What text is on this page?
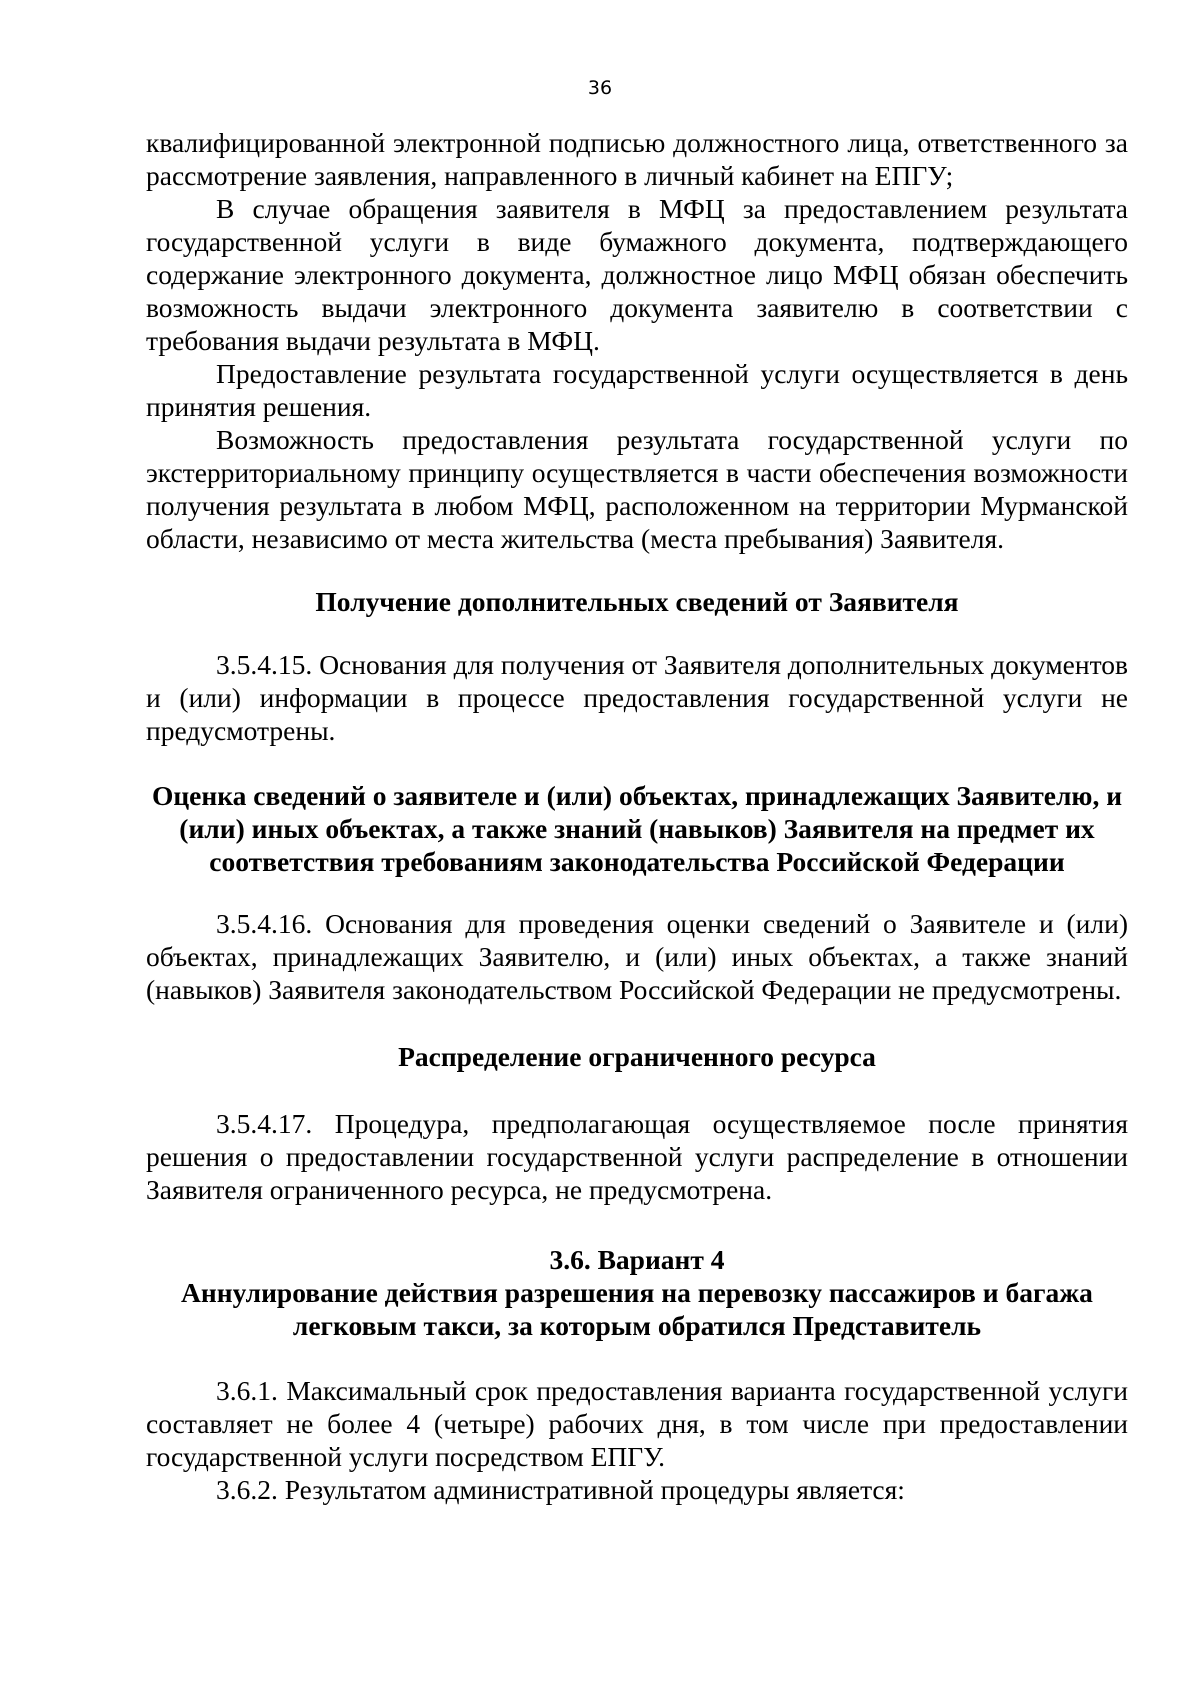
36

квалифицированной электронной подписью должностного лица, ответственного за рассмотрение заявления, направленного в личный кабинет на ЕПГУ;

В случае обращения заявителя в МФЦ за предоставлением результата государственной услуги в виде бумажного документа, подтверждающего содержание электронного документа, должностное лицо МФЦ обязан обеспечить возможность выдачи электронного документа заявителю в соответствии с требования выдачи результата в МФЦ.

Предоставление результата государственной услуги осуществляется в день принятия решения.

Возможность предоставления результата государственной услуги по экстерриториальному принципу осуществляется в части обеспечения возможности получения результата в любом МФЦ, расположенном на территории Мурманской области, независимо от места жительства (места пребывания) Заявителя.

Получение дополнительных сведений от Заявителя

3.5.4.15. Основания для получения от Заявителя дополнительных документов и (или) информации в процессе предоставления государственной услуги не предусмотрены.

Оценка сведений о заявителе и (или) объектах, принадлежащих Заявителю, и (или) иных объектах, а также знаний (навыков) Заявителя на предмет их соответствия требованиям законодательства Российской Федерации

3.5.4.16. Основания для проведения оценки сведений о Заявителе и (или) объектах, принадлежащих Заявителю, и (или) иных объектах, а также знаний (навыков) Заявителя законодательством Российской Федерации не предусмотрены.

Распределение ограниченного ресурса

3.5.4.17. Процедура, предполагающая осуществляемое после принятия решения о предоставлении государственной услуги распределение в отношении Заявителя ограниченного ресурса, не предусмотрена.

3.6. Вариант 4
Аннулирование действия разрешения на перевозку пассажиров и багажа легковым такси, за которым обратился Представитель

3.6.1. Максимальный срок предоставления варианта государственной услуги составляет не более 4 (четыре) рабочих дня, в том числе при предоставлении государственной услуги посредством ЕПГУ.

3.6.2. Результатом административной процедуры является:
